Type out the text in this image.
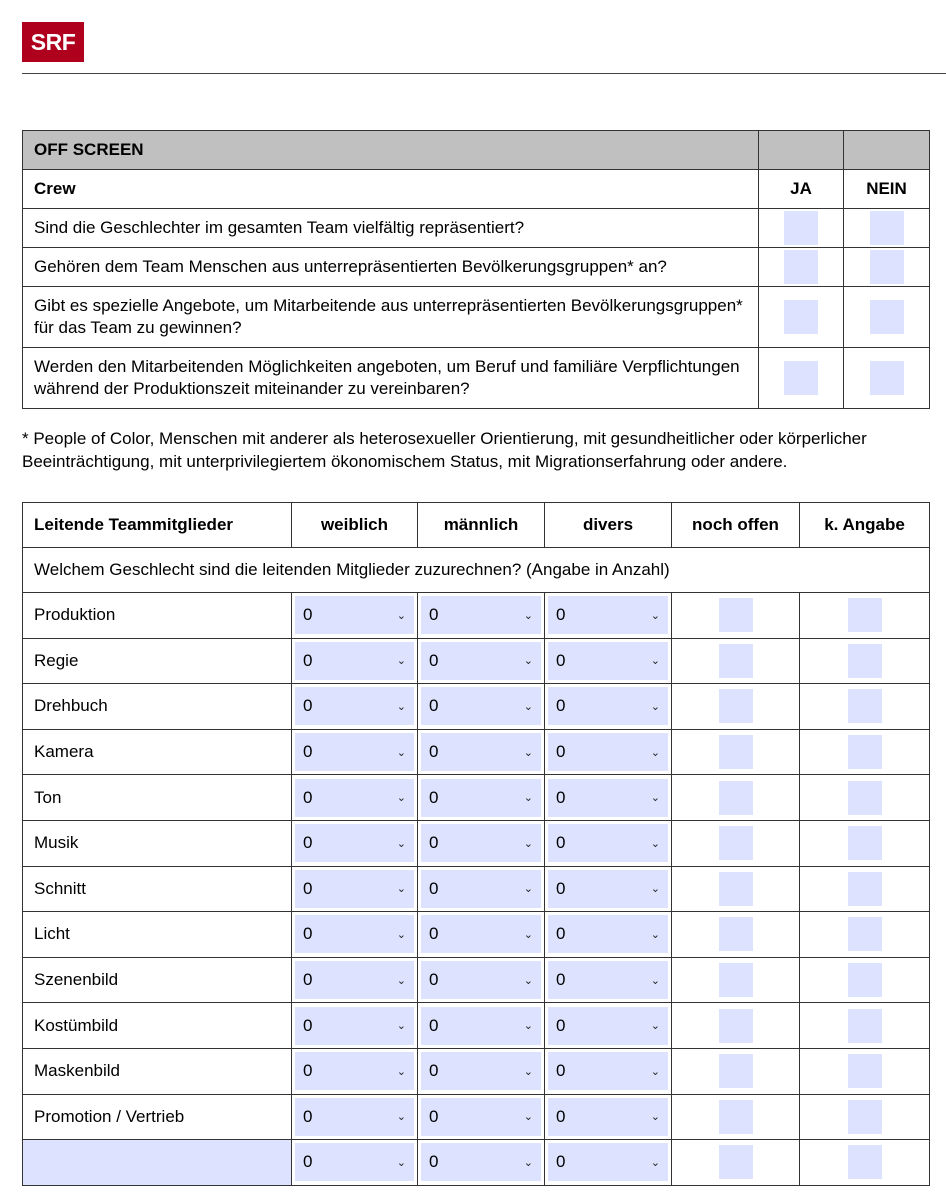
SRF
OFF SCREEN		
Crew	JA	NEIN
Sind die Geschlechter im gesamten Team vielfältig repräsentiert?	

Gehören dem Team Menschen aus unterrepräsentierten Bevölkerungsgruppen* an?	

Gibt es spezielle Angebote, um Mitarbeitende aus unterrepräsentierten Bevölkerungsgruppen* für das Team zu gewinnen?	

Werden den Mitarbeitenden Möglichkeiten angeboten, um Beruf und familiäre Verpflichtungen während der Produktionszeit miteinander zu vereinbaren?	

* People of Color, Menschen mit anderer als heterosexueller Orientierung, mit gesundheitlicher oder körperlicher Beeinträchtigung, mit unterprivilegiertem ökonomischem Status, mit Migrationserfahrung oder andere.
Leitende Teammitglieder	weiblich	männlich	divers	noch offen	k. Angabe
Welchem Geschlecht sind die leitenden Mitglieder zuzurechnen? (Angabe in Anzahl)					
Produktion	0 ⌄	0 ⌄	0 ⌄		

Regie	0 ⌄	0 ⌄	0 ⌄		

Drehbuch	0 ⌄	0 ⌄	0 ⌄		

Kamera	0 ⌄	0 ⌄	0 ⌄		

Ton	0 ⌄	0 ⌄	0 ⌄		

Musik	0 ⌄	0 ⌄	0 ⌄		

Schnitt	0 ⌄	0 ⌄	0 ⌄		

Licht	0 ⌄	0 ⌄	0 ⌄		

Szenenbild	0 ⌄	0 ⌄	0 ⌄		

Kostümbild	0 ⌄	0 ⌄	0 ⌄		

Maskenbild	0 ⌄	0 ⌄	0 ⌄		

Promotion / Vertrieb	0 ⌄	0 ⌄	0 ⌄		

	0 ⌄	0 ⌄	0 ⌄		
